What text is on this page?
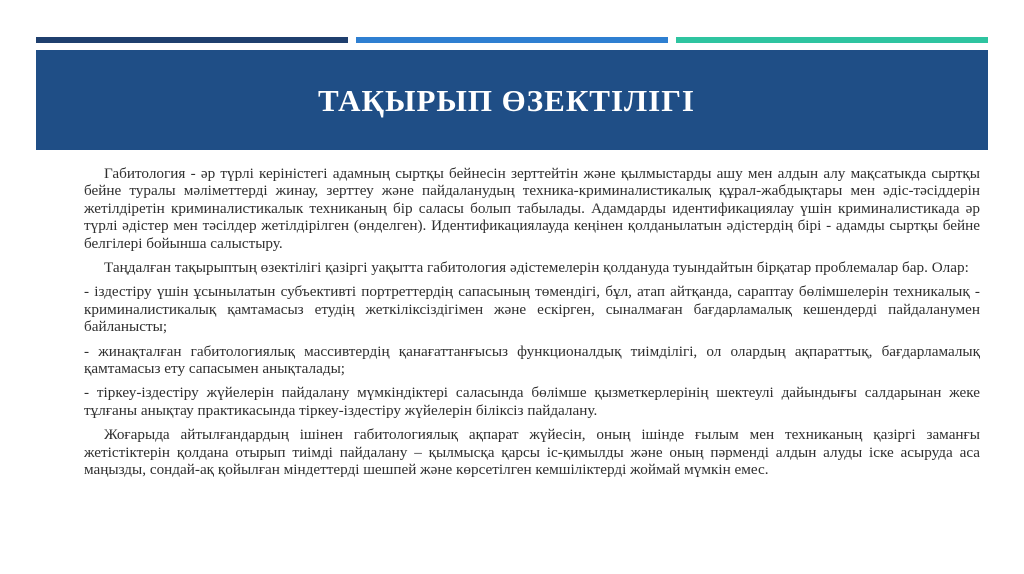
ТАҚЫРЫП ӨЗЕКТІЛІГІ

Габитология - әр түрлі керіністегі адамның сыртқы бейнесін зерттейтін және қылмыстарды ашу мен алдын алу мақсатыкда сыртқы бейне туралы мәліметтерді жинау, зерттеу және пайдаланудың техника-криминалистикалық құрал-жабдықтары мен әдіс-тәсiддерін жетілдіретін криминалистикалык техниканың бір саласы болып табылады. Адамдарды идентификациялау үшін криминалистикада әр түрлі әдістер мен тәсiлдер жетілдірілген (өнделген). Идентификациялауда кеңінен қолданылатын әдістердің бірі - адамды сыртқы бейне белгілері бойынша салыстыру.

Таңдалған тақырыптың өзектілігі қазіргі уақытта габитология әдістемелерін қолдануда туындайтын бірқатар проблемалар бар. Олар:

- іздестіру үшін ұсынылатын субъективті портреттердің сапасының төмендігі, бұл, атап айтқанда, сараптау бөлімшелерін техникалық - криминалистикалық қамтамасыз етудің жеткіліксіздігімен және ескірген, сыналмаған бағдарламалық кешендерді пайдаланумен байланысты;

- жинақталған габитологиялық массивтердің қанағаттанғысыз функционалдық тиімділігі, ол олардың ақпараттық, бағдарламалық қамтамасыз ету сапасымен анықталады;

- тіркеу-іздестіру жүйелерін пайдалану мүмкіндіктері саласында бөлімше қызметкерлерінің шектеулі дайындығы салдарынан жеке тұлғаны анықтау практикасында тіркеу-іздестіру жүйелерін біліксіз пайдалану.

Жоғарыда айтылғандардың ішінен габитологиялық ақпарат жүйесін, оның ішінде ғылым мен техниканың қазіргі заманғы жетістіктерін қолдана отырып тиімді пайдалану – қылмысқа қарсы іс-қимылды және оның пәрменді алдын алуды іске асыруда аса маңызды, сондай-ақ қойылған міндеттерді шешпей және көрсетілген кемшіліктерді жоймай мүмкін емес.
